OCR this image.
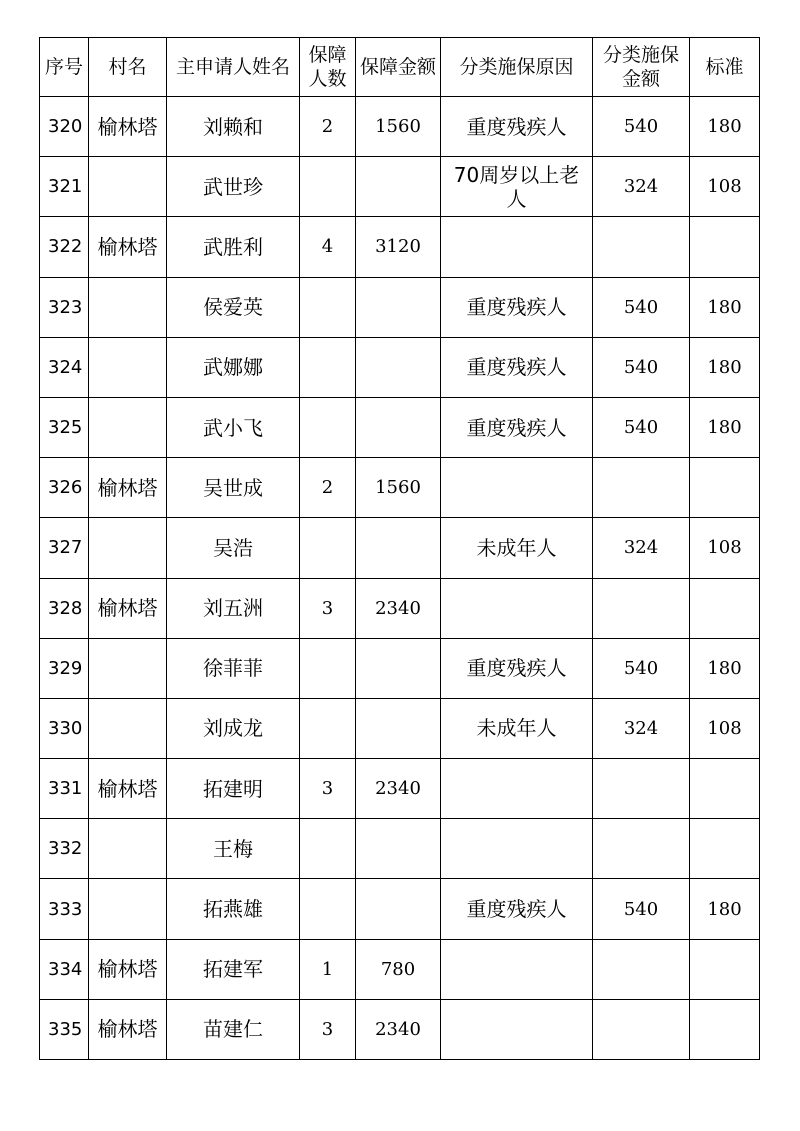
序号	村名	主申请人姓名	保障人数	保障金额	分类施保原因	分类施保金额	标准
320	榆林塔	刘赖和	2	1560	重度残疾人	540	180
321		武世珍			70周岁以上老人	324	108
322	榆林塔	武胜利	4	3120			
323		侯爱英			重度残疾人	540	180
324		武娜娜			重度残疾人	540	180
325		武小飞			重度残疾人	540	180
326	榆林塔	吴世成	2	1560			
327		吴浩			未成年人	324	108
328	榆林塔	刘五洲	3	2340			
329		徐菲菲			重度残疾人	540	180
330		刘成龙			未成年人	324	108
331	榆林塔	拓建明	3	2340			
332		王梅					
333		拓燕雄			重度残疾人	540	180
334	榆林塔	拓建军	1	780			
335	榆林塔	苗建仁	3	2340			
